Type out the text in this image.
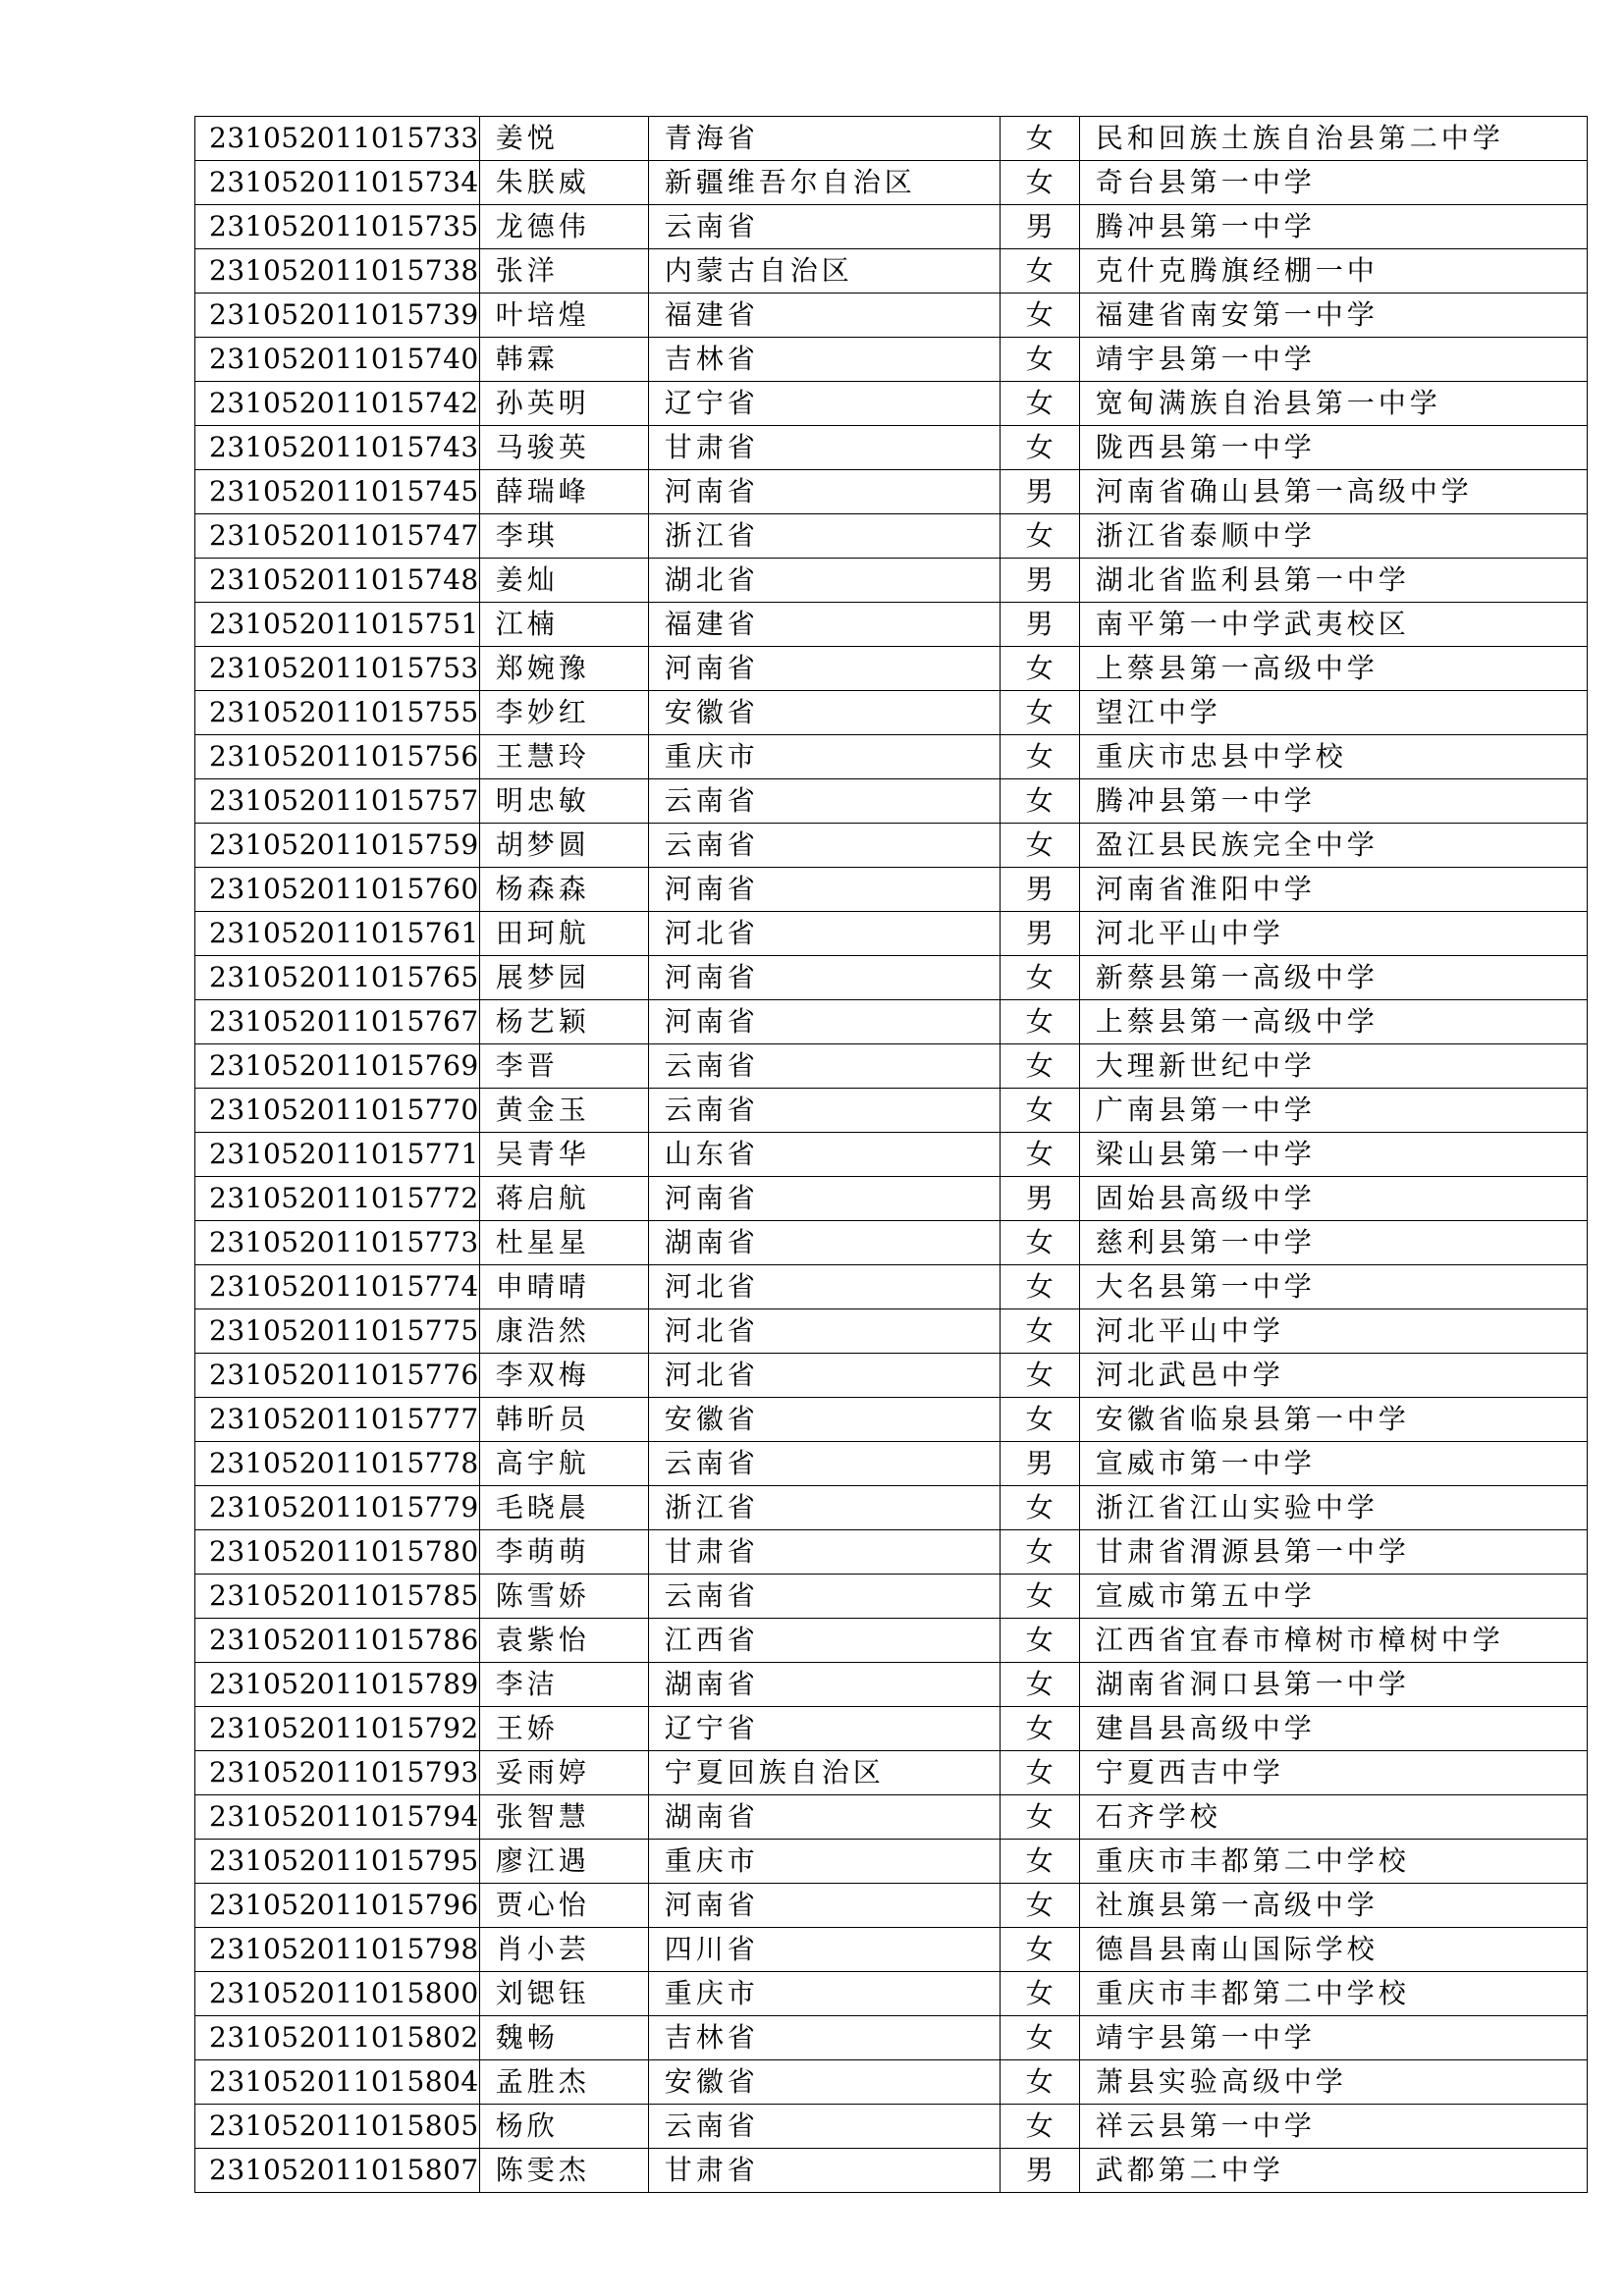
231052011015733	姜悦	青海省	女	民和回族土族自治县第二中学
231052011015734	朱朕威	新疆维吾尔自治区	女	奇台县第一中学
231052011015735	龙德伟	云南省	男	腾冲县第一中学
231052011015738	张洋	内蒙古自治区	女	克什克腾旗经棚一中
231052011015739	叶培煌	福建省	女	福建省南安第一中学
231052011015740	韩霖	吉林省	女	靖宇县第一中学
231052011015742	孙英明	辽宁省	女	宽甸满族自治县第一中学
231052011015743	马骏英	甘肃省	女	陇西县第一中学
231052011015745	薛瑞峰	河南省	男	河南省确山县第一高级中学
231052011015747	李琪	浙江省	女	浙江省泰顺中学
231052011015748	姜灿	湖北省	男	湖北省监利县第一中学
231052011015751	江楠	福建省	男	南平第一中学武夷校区
231052011015753	郑婉豫	河南省	女	上蔡县第一高级中学
231052011015755	李妙红	安徽省	女	望江中学
231052011015756	王慧玲	重庆市	女	重庆市忠县中学校
231052011015757	明忠敏	云南省	女	腾冲县第一中学
231052011015759	胡梦圆	云南省	女	盈江县民族完全中学
231052011015760	杨森森	河南省	男	河南省淮阳中学
231052011015761	田珂航	河北省	男	河北平山中学
231052011015765	展梦园	河南省	女	新蔡县第一高级中学
231052011015767	杨艺颖	河南省	女	上蔡县第一高级中学
231052011015769	李晋	云南省	女	大理新世纪中学
231052011015770	黄金玉	云南省	女	广南县第一中学
231052011015771	吴青华	山东省	女	梁山县第一中学
231052011015772	蒋启航	河南省	男	固始县高级中学
231052011015773	杜星星	湖南省	女	慈利县第一中学
231052011015774	申晴晴	河北省	女	大名县第一中学
231052011015775	康浩然	河北省	女	河北平山中学
231052011015776	李双梅	河北省	女	河北武邑中学
231052011015777	韩昕员	安徽省	女	安徽省临泉县第一中学
231052011015778	高宇航	云南省	男	宣威市第一中学
231052011015779	毛晓晨	浙江省	女	浙江省江山实验中学
231052011015780	李萌萌	甘肃省	女	甘肃省渭源县第一中学
231052011015785	陈雪娇	云南省	女	宣威市第五中学
231052011015786	袁紫怡	江西省	女	江西省宜春市樟树市樟树中学
231052011015789	李洁	湖南省	女	湖南省洞口县第一中学
231052011015792	王娇	辽宁省	女	建昌县高级中学
231052011015793	妥雨婷	宁夏回族自治区	女	宁夏西吉中学
231052011015794	张智慧	湖南省	女	石齐学校
231052011015795	廖江遇	重庆市	女	重庆市丰都第二中学校
231052011015796	贾心怡	河南省	女	社旗县第一高级中学
231052011015798	肖小芸	四川省	女	德昌县南山国际学校
231052011015800	刘锶钰	重庆市	女	重庆市丰都第二中学校
231052011015802	魏畅	吉林省	女	靖宇县第一中学
231052011015804	孟胜杰	安徽省	女	萧县实验高级中学
231052011015805	杨欣	云南省	女	祥云县第一中学
231052011015807	陈雯杰	甘肃省	男	武都第二中学
